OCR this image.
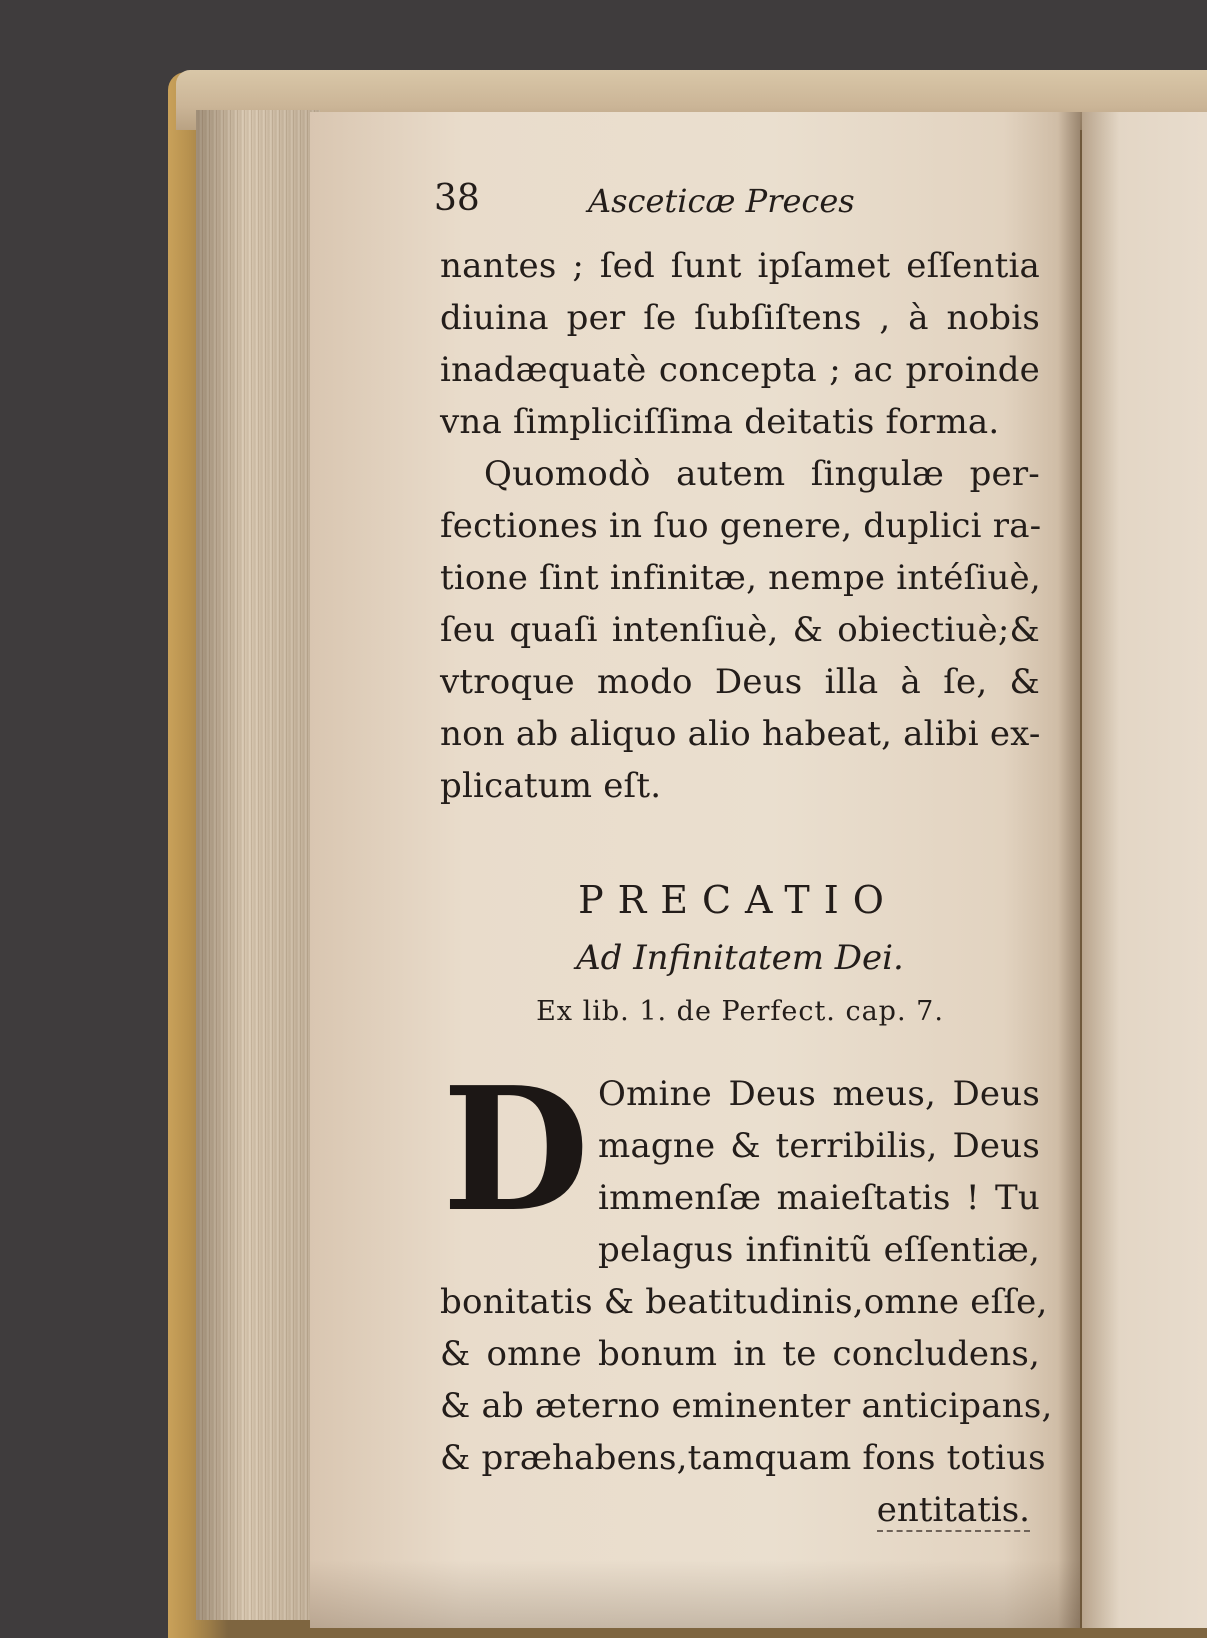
38	Asceticæ Preces
nantes ; ſed ſunt ipſamet eſſentia
diuina per ſe ſubſiſtens , à nobis
inadæquatè concepta ; ac proinde
vna ſimpliciſſima deitatis forma.
Quomodò autem ſingulæ per-
fectiones in ſuo genere, duplici ra-
tione ſint infinitæ, nempe intéſiuè,
ſeu quaſi intenſiuè, & obiectiuè;&
vtroque modo Deus illa à ſe, &
non ab aliquo alio habeat, alibi ex-
plicatum eſt.
PRECATIO
Ad Infinitatem Dei.
Ex lib. 1. de Perfect. cap. 7.
D Omine Deus meus, Deus
magne & terribilis, Deus
immenſæ maieſtatis ! Tu
pelagus infinitũ eſſentiæ,
bonitatis & beatitudinis,omne eſſe,
& omne bonum in te concludens,
& ab æterno eminenter anticipans,
& præhabens,tamquam fons totius
entitatis.
